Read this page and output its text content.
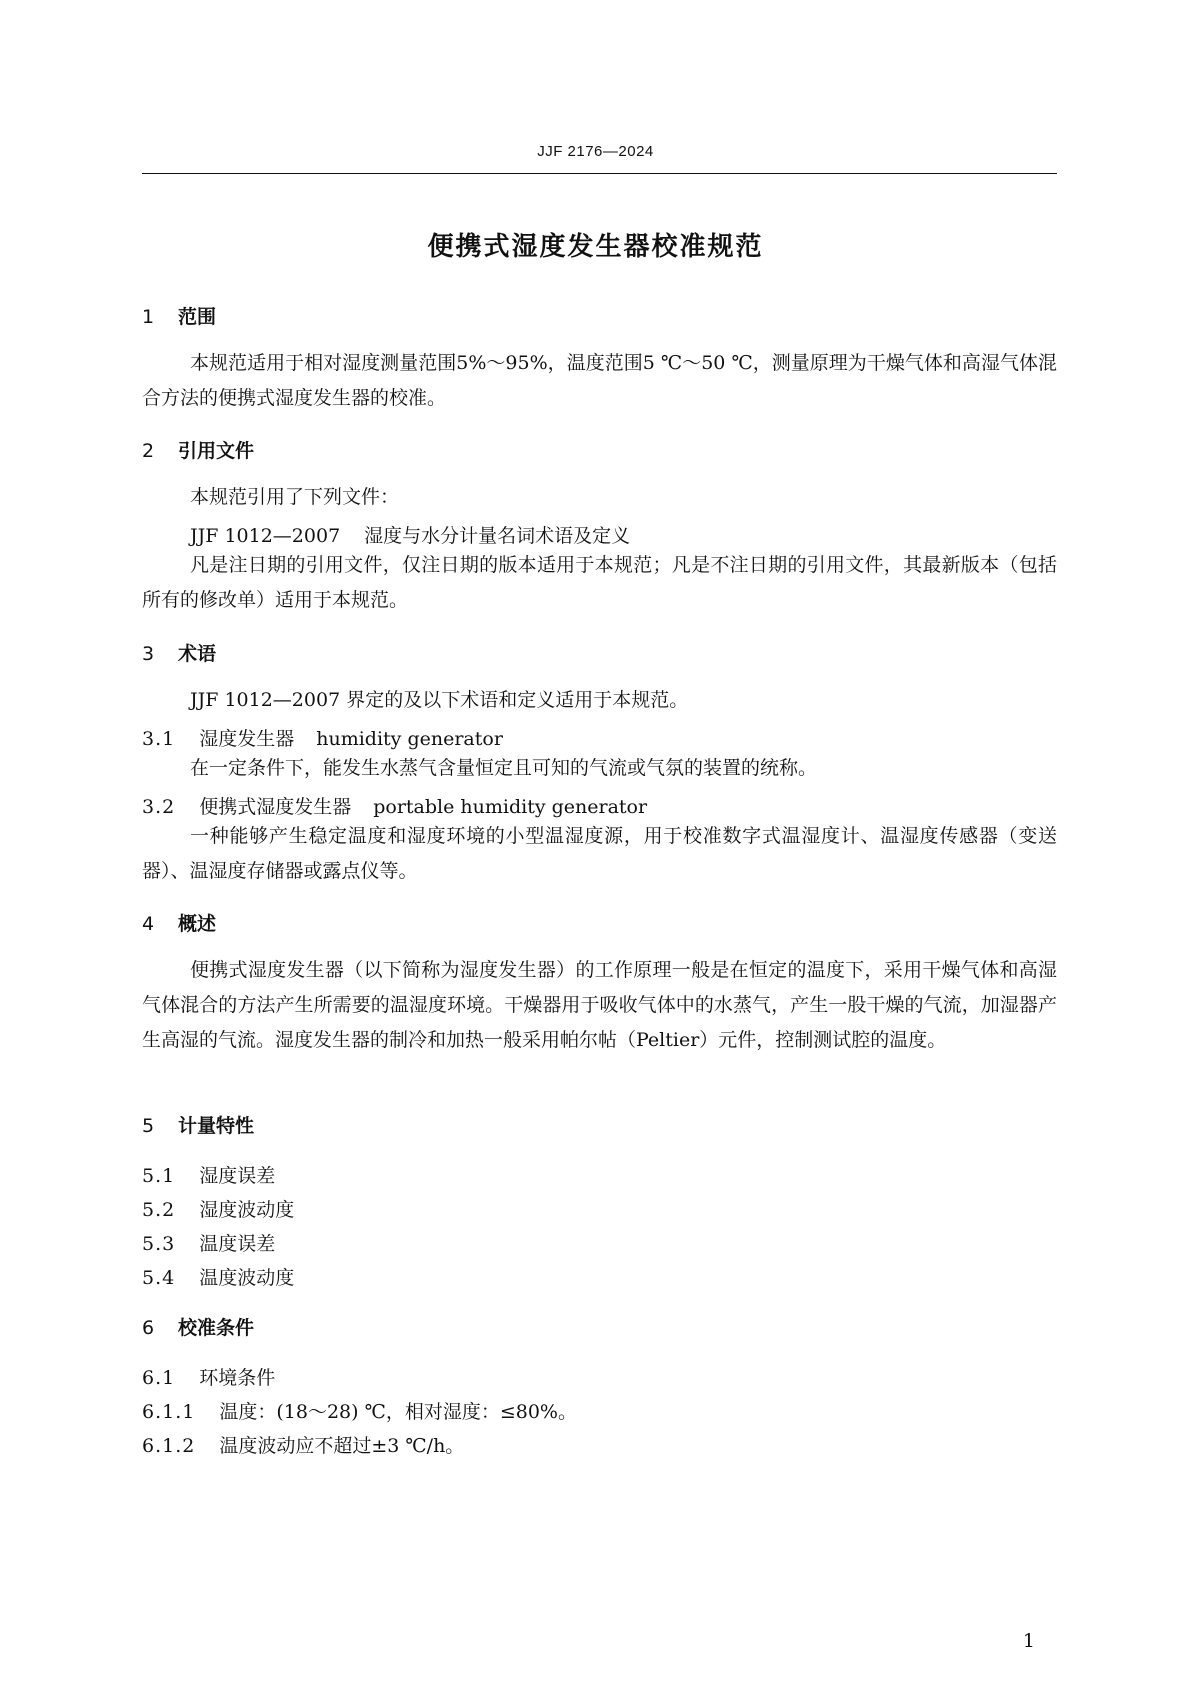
JJF 2176—2024
便携式湿度发生器校准规范
1 范围
本规范适用于相对湿度测量范围5%～95%，温度范围5 ℃～50 ℃，测量原理为干燥气体和高湿气体混合方法的便携式湿度发生器的校准。
2 引用文件
本规范引用了下列文件：
JJF 1012—2007 湿度与水分计量名词术语及定义
凡是注日期的引用文件，仅注日期的版本适用于本规范；凡是不注日期的引用文件，其最新版本（包括所有的修改单）适用于本规范。
3 术语
JJF 1012—2007 界定的及以下术语和定义适用于本规范。
3.1 湿度发生器 humidity generator
在一定条件下，能发生水蒸气含量恒定且可知的气流或气氛的装置的统称。
3.2 便携式湿度发生器 portable humidity generator
一种能够产生稳定温度和湿度环境的小型温湿度源，用于校准数字式温湿度计、温湿度传感器（变送器）、温湿度存储器或露点仪等。
4 概述
便携式湿度发生器（以下简称为湿度发生器）的工作原理一般是在恒定的温度下，采用干燥气体和高湿气体混合的方法产生所需要的温湿度环境。干燥器用于吸收气体中的水蒸气，产生一股干燥的气流，加湿器产生高湿的气流。湿度发生器的制冷和加热一般采用帕尔帖（Peltier）元件，控制测试腔的温度。
5 计量特性
5.1 湿度误差
5.2 湿度波动度
5.3 温度误差
5.4 温度波动度
6 校准条件
6.1 环境条件
6.1.1 温度：(18～28) ℃，相对湿度：≤80%。
6.1.2 温度波动应不超过±3 ℃/h。
1
